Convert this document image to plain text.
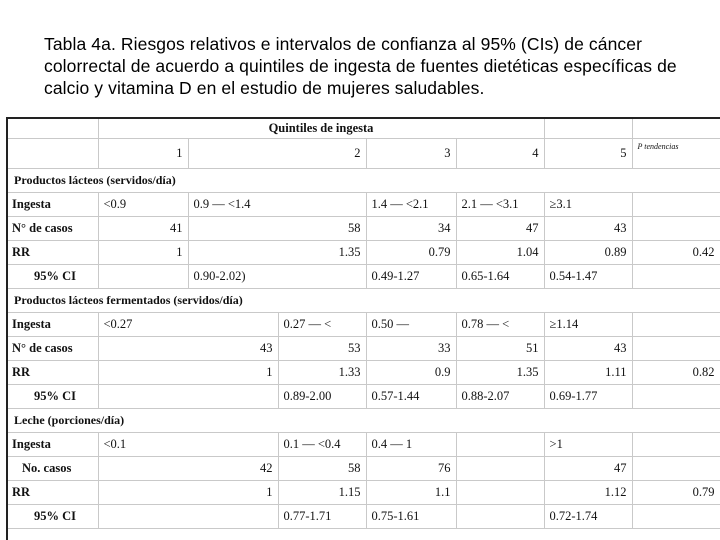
Tabla 4a. Riesgos relativos e intervalos de confianza al 95% (CIs) de cáncer colorrectal de acuerdo a quintiles de ingesta de fuentes dietéticas específicas de calcio y vitamina D en el estudio de mujeres saludables.
	Quintiles de ingesta						
	1	2		3	4	5	P tendencias
Productos lácteos (servidos/día)							
Ingesta	<0.9	0.9 — <1.4		1.4 — <2.1	2.1 — <3.1	≥3.1	
N° de casos	41	58		34	47	43	
RR	1	1.35		0.79	1.04	0.89	0.42
95% CI		0.90-2.02)		0.49-1.27	0.65-1.64	0.54-1.47	
Productos lácteos fermentados (servidos/día)							
Ingesta	<0.27		0.27 — <	0.50 —	0.78 — <	≥1.14	
N° de casos	43		53	33	51	43	
RR	1		1.33	0.9	1.35	1.11	0.82
95% CI			0.89-2.00	0.57-1.44	0.88-2.07	0.69-1.77	
Leche (porciones/día)							
Ingesta	<0.1		0.1 — <0.4	0.4 — 1		>1	
No. casos	42		58	76		47	
RR	1		1.15	1.1		1.12	0.79
95% CI			0.77-1.71	0.75-1.61		0.72-1.74	
